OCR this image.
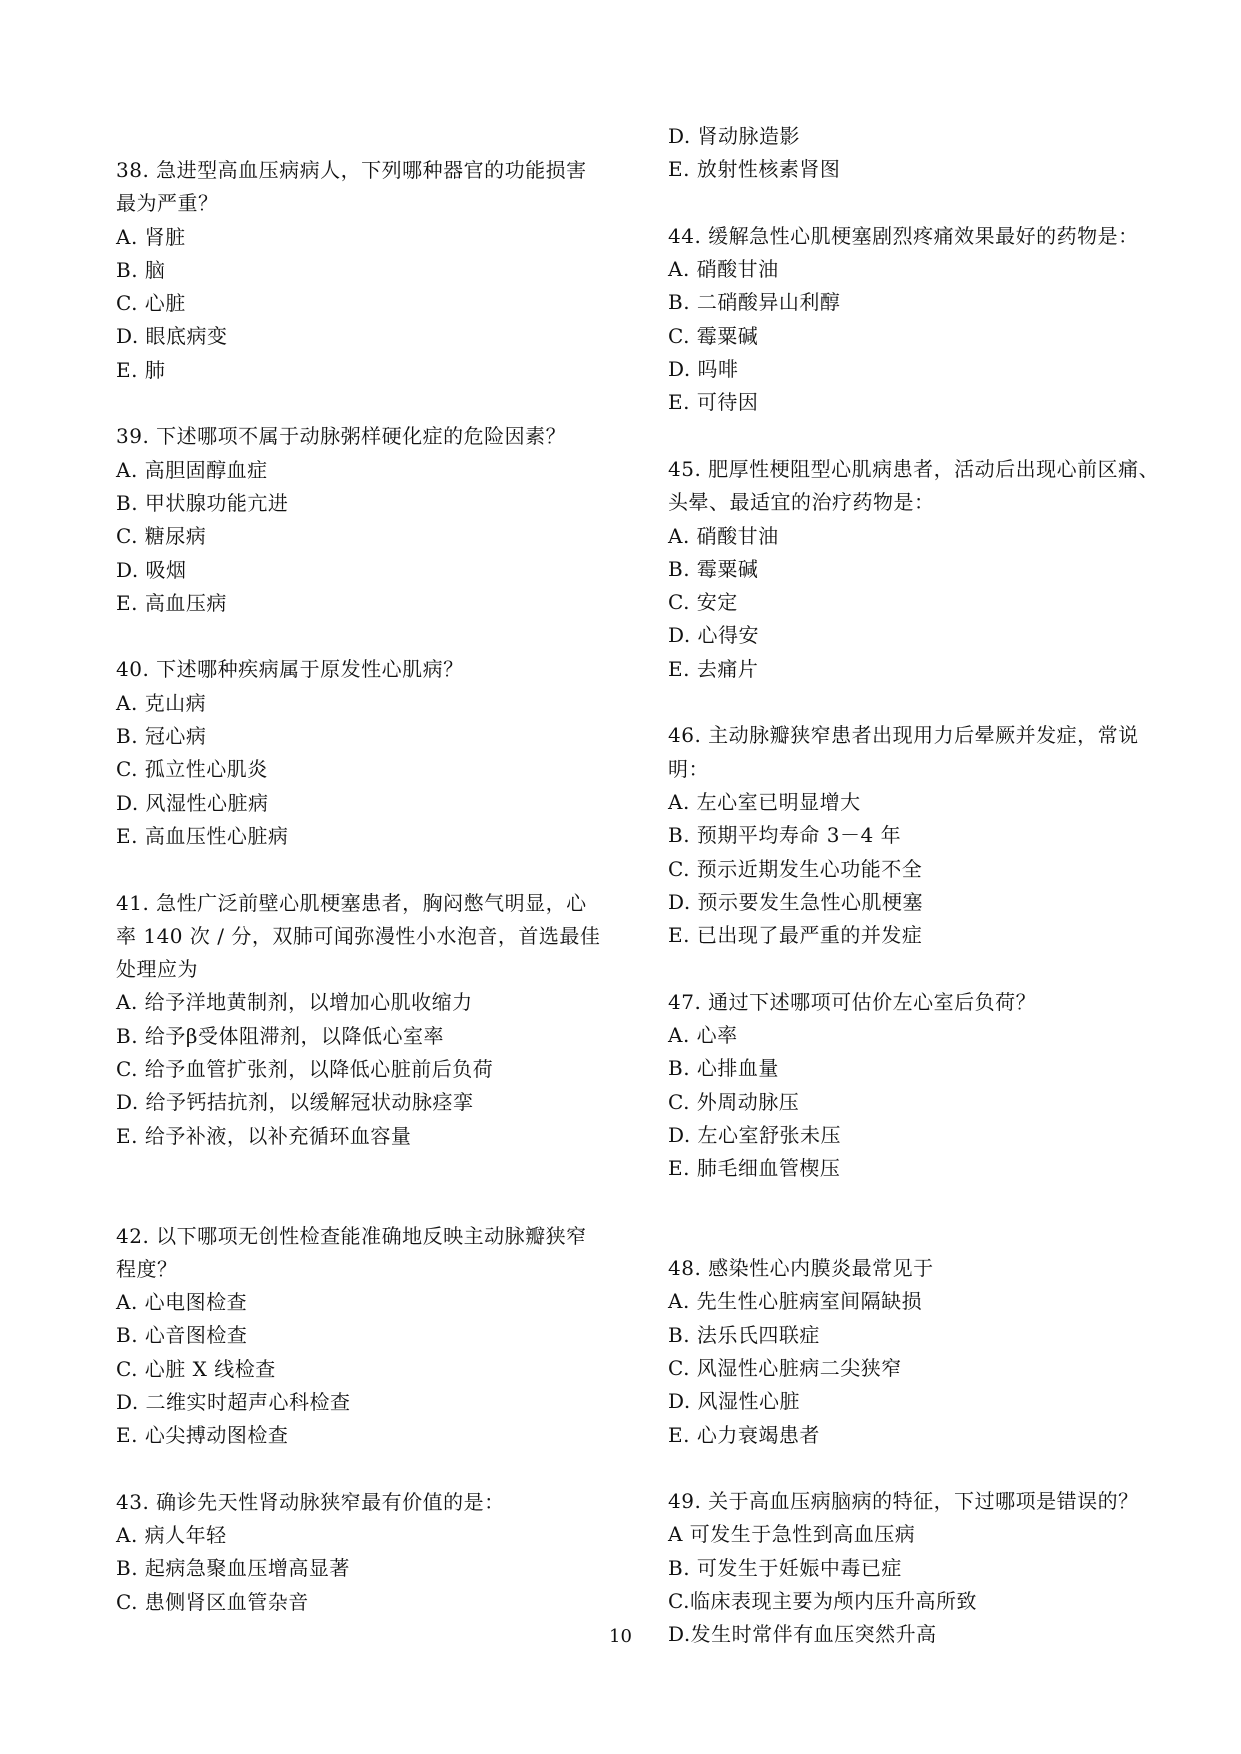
38. 急进型高血压病病人，下列哪种器官的功能损害
最为严重？
A. 肾脏
B. 脑
C. 心脏
D. 眼底病变
E. 肺
39. 下述哪项不属于动脉粥样硬化症的危险因素？
A. 高胆固醇血症
B. 甲状腺功能亢进
C. 糖尿病
D. 吸烟
E. 高血压病
40. 下述哪种疾病属于原发性心肌病？
A. 克山病
B. 冠心病
C. 孤立性心肌炎
D. 风湿性心脏病
E. 高血压性心脏病
41. 急性广泛前壁心肌梗塞患者，胸闷憋气明显，心
率 140 次 / 分，双肺可闻弥漫性小水泡音，首选最佳
处理应为
A. 给予洋地黄制剂，以增加心肌收缩力
B. 给予β受体阻滞剂，以降低心室率
C. 给予血管扩张剂，以降低心脏前后负荷
D. 给予钙拮抗剂，以缓解冠状动脉痉挛
E. 给予补液，以补充循环血容量
42. 以下哪项无创性检查能准确地反映主动脉瓣狭窄
程度？
A. 心电图检查
B. 心音图检查
C. 心脏 X 线检查
D. 二维实时超声心科检查
E. 心尖搏动图检查
43. 确诊先天性肾动脉狭窄最有价值的是：
A. 病人年轻
B. 起病急聚血压增高显著
C. 患侧肾区血管杂音
D. 肾动脉造影
E. 放射性核素肾图
44. 缓解急性心肌梗塞剧烈疼痛效果最好的药物是：
A. 硝酸甘油
B. 二硝酸异山利醇
C. 霉粟碱
D. 吗啡
E. 可待因
45. 肥厚性梗阻型心肌病患者，活动后出现心前区痛、
头晕、最适宜的治疗药物是：
A. 硝酸甘油
B. 霉粟碱
C. 安定
D. 心得安
E. 去痛片
46. 主动脉瓣狭窄患者出现用力后晕厥并发症，常说
明：
A. 左心室已明显增大
B. 预期平均寿命 3－4 年
C. 预示近期发生心功能不全
D. 预示要发生急性心肌梗塞
E. 已出现了最严重的并发症
47. 通过下述哪项可估价左心室后负荷？
A. 心率
B. 心排血量
C. 外周动脉压
D. 左心室舒张未压
E. 肺毛细血管楔压
48. 感染性心内膜炎最常见于
A. 先生性心脏病室间隔缺损
B. 法乐氏四联症
C. 风湿性心脏病二尖狭窄
D. 风湿性心脏
E. 心力衰竭患者
49. 关于高血压病脑病的特征，下过哪项是错误的？
A 可发生于急性到高血压病
B. 可发生于妊娠中毒已症
C.临床表现主要为颅内压升高所致
D.发生时常伴有血压突然升高
10
